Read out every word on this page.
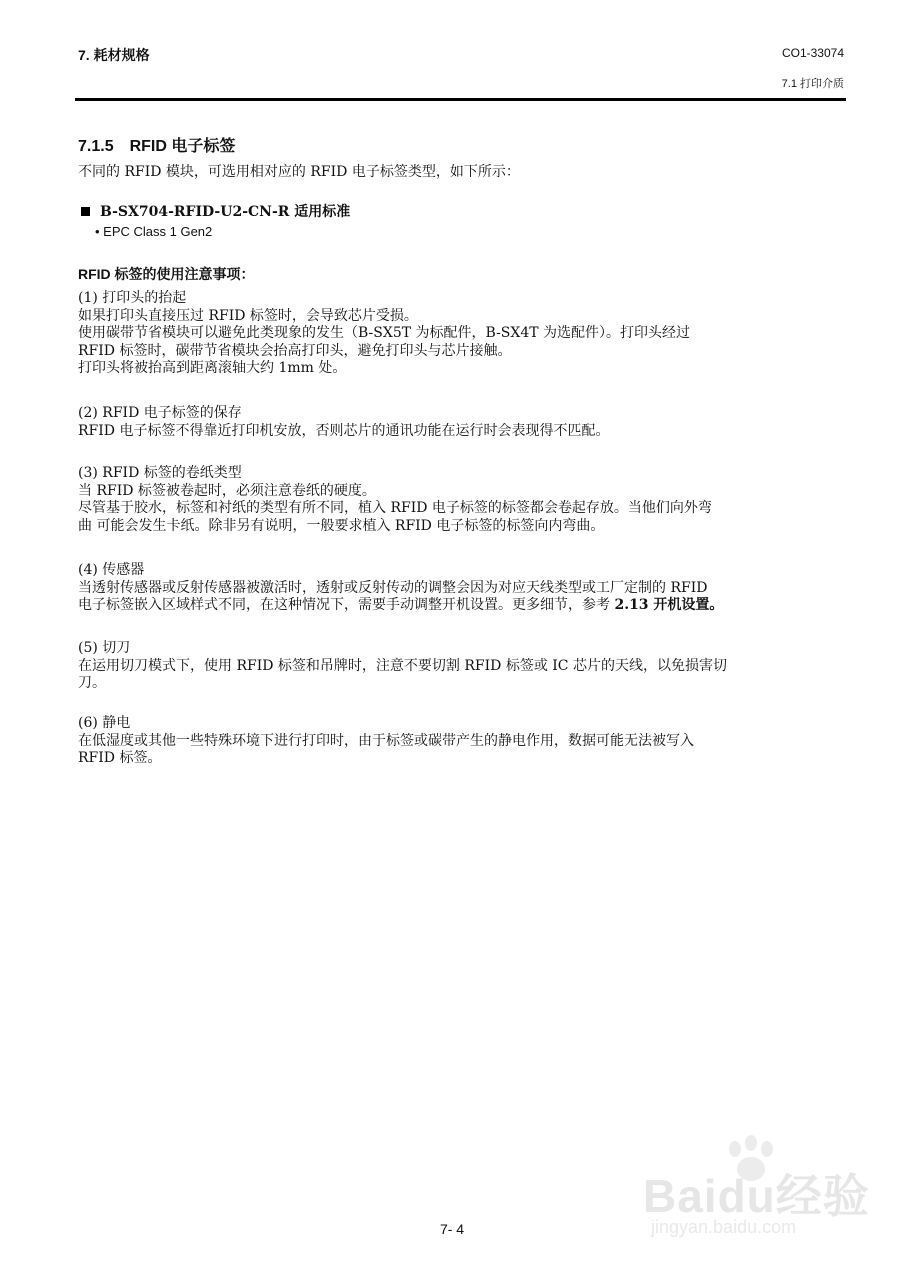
7. 耗材规格	CO1-33074
7.1 打印介质
7.1.5 RFID 电子标签
不同的 RFID 模块，可选用相对应的 RFID 电子标签类型，如下所示：
B-SX704-RFID-U2-CN-R 适用标准
• EPC Class 1 Gen2
RFID 标签的使用注意事项：
(1) 打印头的抬起
如果打印头直接压过 RFID 标签时，会导致芯片受损。
使用碳带节省模块可以避免此类现象的发生（B-SX5T 为标配件，B-SX4T 为选配件）。打印头经过
RFID 标签时，碳带节省模块会抬高打印头，避免打印头与芯片接触。
打印头将被抬高到距离滚轴大约 1mm 处。
(2) RFID 电子标签的保存
RFID 电子标签不得靠近打印机安放，否则芯片的通讯功能在运行时会表现得不匹配。
(3) RFID 标签的卷纸类型
当 RFID 标签被卷起时，必须注意卷纸的硬度。
尽管基于胶水，标签和衬纸的类型有所不同，植入 RFID 电子标签的标签都会卷起存放。当他们向外弯
曲 可能会发生卡纸。除非另有说明，一般要求植入 RFID 电子标签的标签向内弯曲。
(4) 传感器
当透射传感器或反射传感器被激活时，透射或反射传动的调整会因为对应天线类型或工厂定制的 RFID
电子标签嵌入区域样式不同，在这种情况下，需要手动调整开机设置。更多细节，参考 2.13 开机设置。
(5) 切刀
在运用切刀模式下，使用 RFID 标签和吊牌时，注意不要切割 RFID 标签或 IC 芯片的天线，以免损害切
刀。
(6) 静电
在低湿度或其他一些特殊环境下进行打印时，由于标签或碳带产生的静电作用，数据可能无法被写入
RFID 标签。
7- 4
Baidu经验
jingyan.baidu.com
